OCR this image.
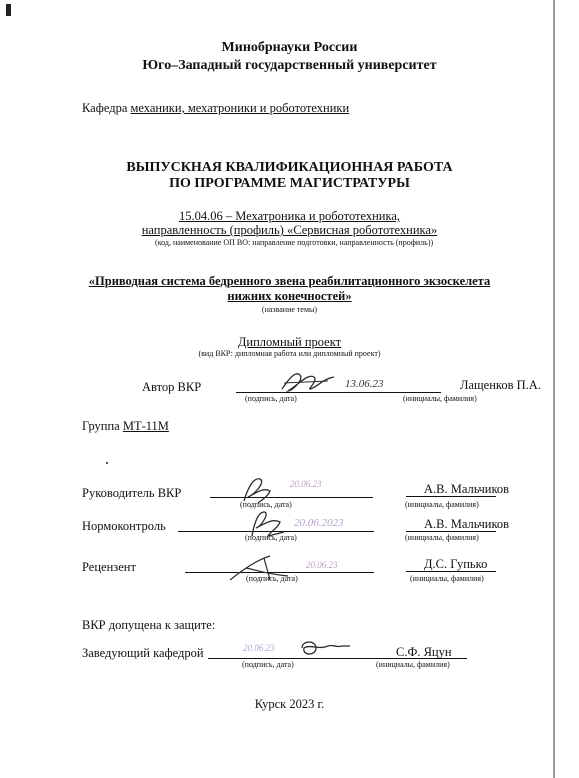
Минобрнауки России
Юго–Западный государственный университет
Кафедра механики, мехатроники и робототехники
ВЫПУСКНАЯ КВАЛИФИКАЦИОННАЯ РАБОТА
ПО ПРОГРАММЕ МАГИСТРАТУРЫ
15.04.06 – Мехатроника и робототехника,
направленность (профиль) «Сервисная робототехника»
(код, наименование ОП ВО: направление подготовки, направленность (профиль))
«Приводная система бедренного звена реабилитационного экзоскелета
нижних конечностей»
(название темы)
Дипломный проект
(вид ВКР: дипломная работа или дипломный проект)
Автор ВКР	13.06.23
(подпись, дата)
Лащенков П.А.
(инициалы, фамилия)
Группа МТ-11М
Руководитель ВКР
20.06.23
(подпись, дата)
А.В. Мальчиков
(инициалы, фамилия)
Нормоконтроль	20.06.2023
(подпись, дата)
А.В. Мальчиков
(инициалы, фамилия)
Рецензент	20.06.23
(подпись, дата)
Д.С. Гупько
(инициалы, фамилия)
ВКР допущена к защите:
Заведующий кафедрой	20.06.23
(подпись, дата)
С.Ф. Яцун
(инициалы, фамилия)
Курск 2023 г.
